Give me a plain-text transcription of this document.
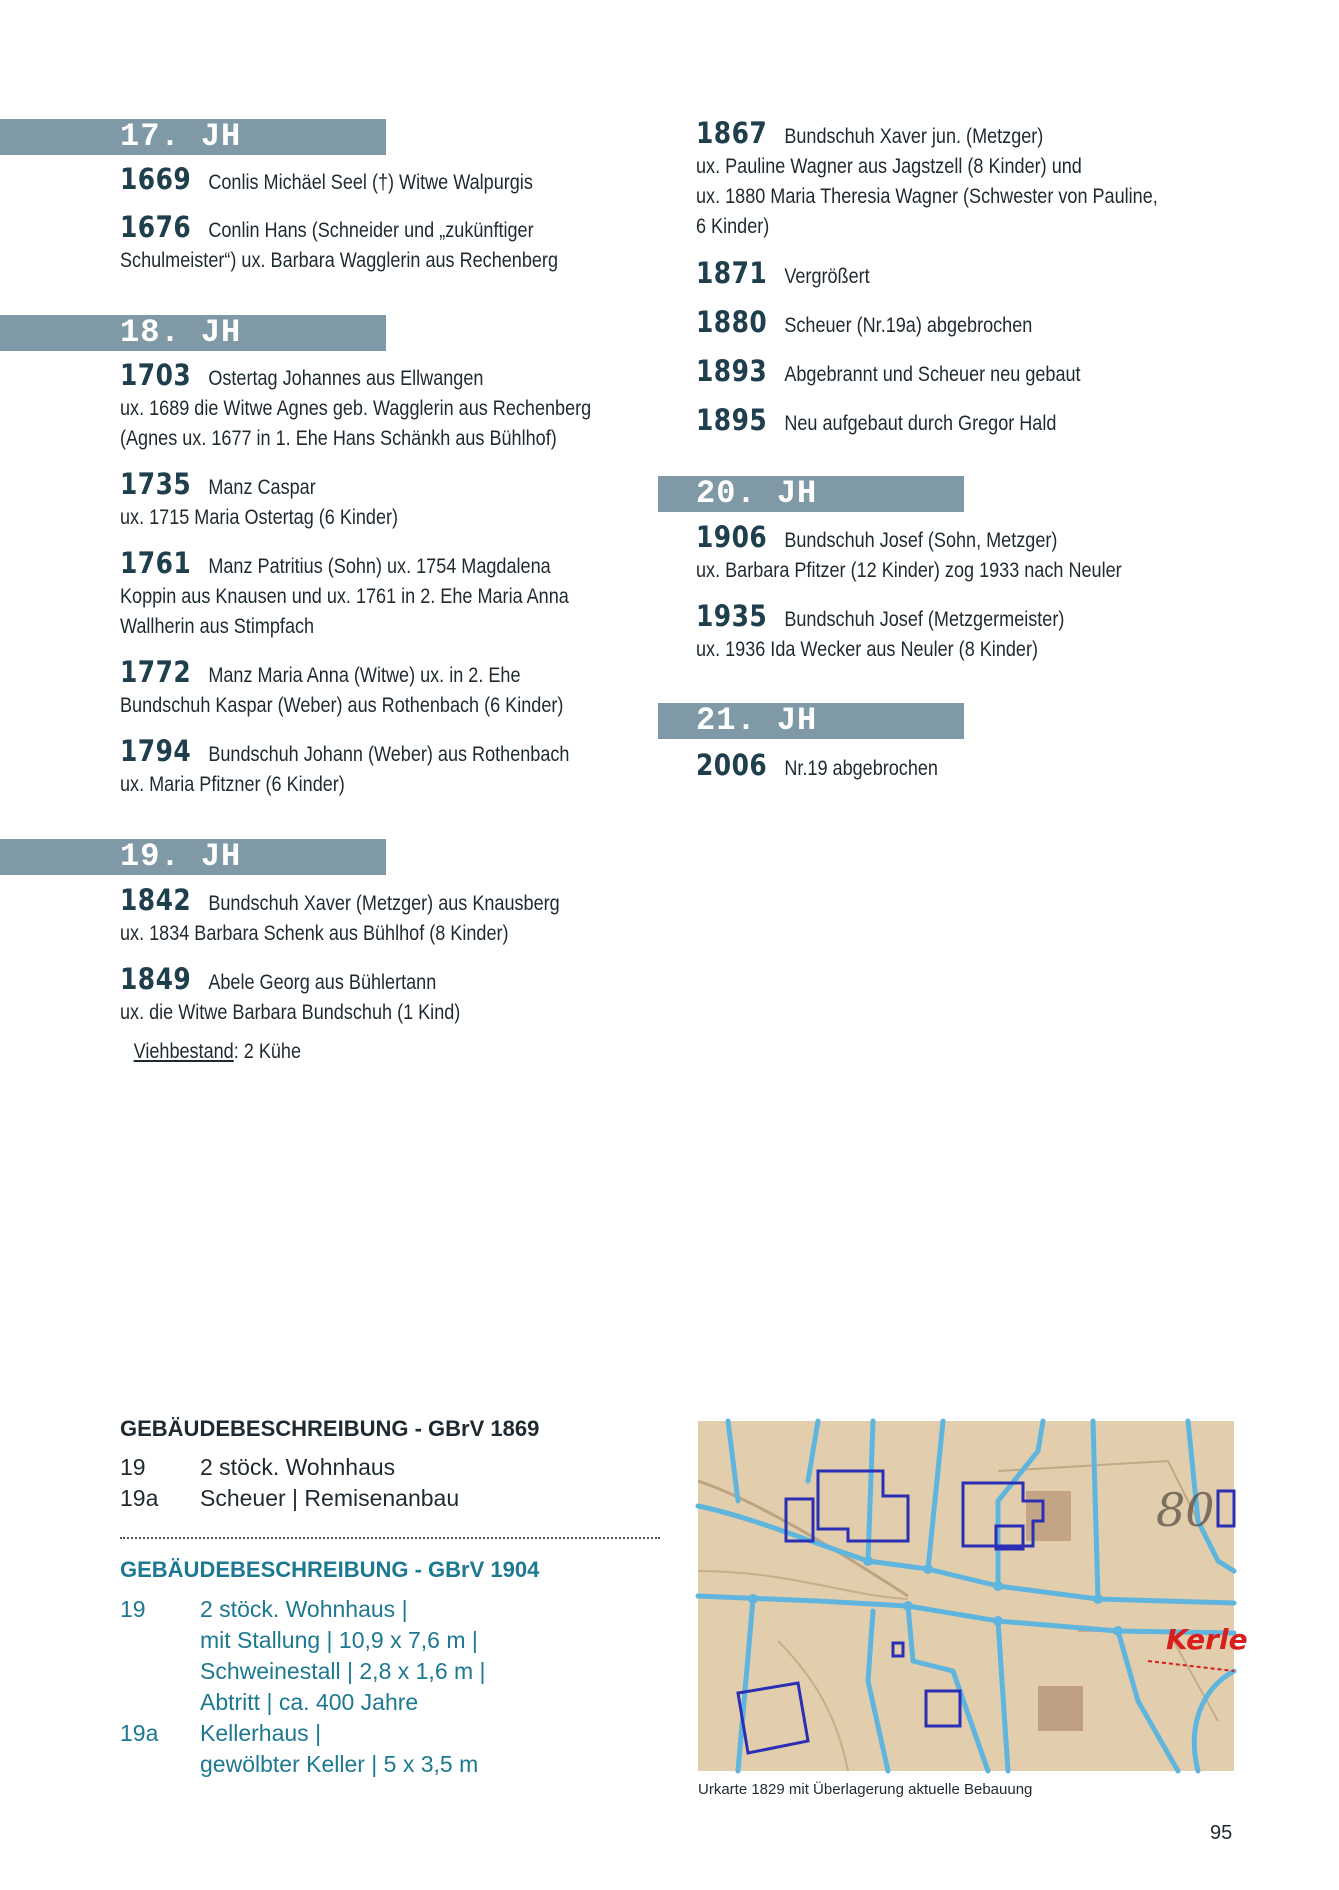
17. JH
1669 Conlis Michäel Seel (†) Witwe Walpurgis
1676 Conlin Hans (Schneider und „zukünftiger
Schulmeister“) ux. Barbara Wagglerin aus Rechenberg
18. JH
1703 Ostertag Johannes aus Ellwangen
ux. 1689 die Witwe Agnes geb. Wagglerin aus Rechenberg
(Agnes ux. 1677 in 1. Ehe Hans Schänkh aus Bühlhof)
1735 Manz Caspar
ux. 1715 Maria Ostertag (6 Kinder)
1761 Manz Patritius (Sohn) ux. 1754 Magdalena
Koppin aus Knausen und ux. 1761 in 2. Ehe Maria Anna
Wallherin aus Stimpfach
1772 Manz Maria Anna (Witwe) ux. in 2. Ehe
Bundschuh Kaspar (Weber) aus Rothenbach (6 Kinder)
1794 Bundschuh Johann (Weber) aus Rothenbach
ux. Maria Pfitzner (6 Kinder)
19. JH
1842 Bundschuh Xaver (Metzger) aus Knausberg
ux. 1834 Barbara Schenk aus Bühlhof (8 Kinder)
1849 Abele Georg aus Bühlertann
ux. die Witwe Barbara Bundschuh (1 Kind)
Viehbestand: 2 Kühe
1867 Bundschuh Xaver jun. (Metzger)
ux. Pauline Wagner aus Jagstzell (8 Kinder) und
ux. 1880 Maria Theresia Wagner (Schwester von Pauline,
6 Kinder)
1871 Vergrößert
1880 Scheuer (Nr.19a) abgebrochen
1893 Abgebrannt und Scheuer neu gebaut
1895 Neu aufgebaut durch Gregor Hald
20. JH
1906 Bundschuh Josef (Sohn, Metzger)
ux. Barbara Pfitzer (12 Kinder) zog 1933 nach Neuler
1935 Bundschuh Josef (Metzgermeister)
ux. 1936 Ida Wecker aus Neuler (8 Kinder)
21. JH
2006 Nr.19 abgebrochen
GEBÄUDEBESCHREIBUNG - GBrV 1869
19 2 stöck. Wohnhaus
19a Scheuer | Remisenanbau
GEBÄUDEBESCHREIBUNG - GBrV 1904
19 2 stöck. Wohnhaus |
mit Stallung | 10,9 x 7,6 m |
Schweinestall | 2,8 x 1,6 m |
Abtritt | ca. 400 Jahre
19a Kellerhaus |
gewölbter Keller | 5 x 3,5 m
80
Kerle
Urkarte 1829 mit Überlagerung aktuelle Bebauung
95
